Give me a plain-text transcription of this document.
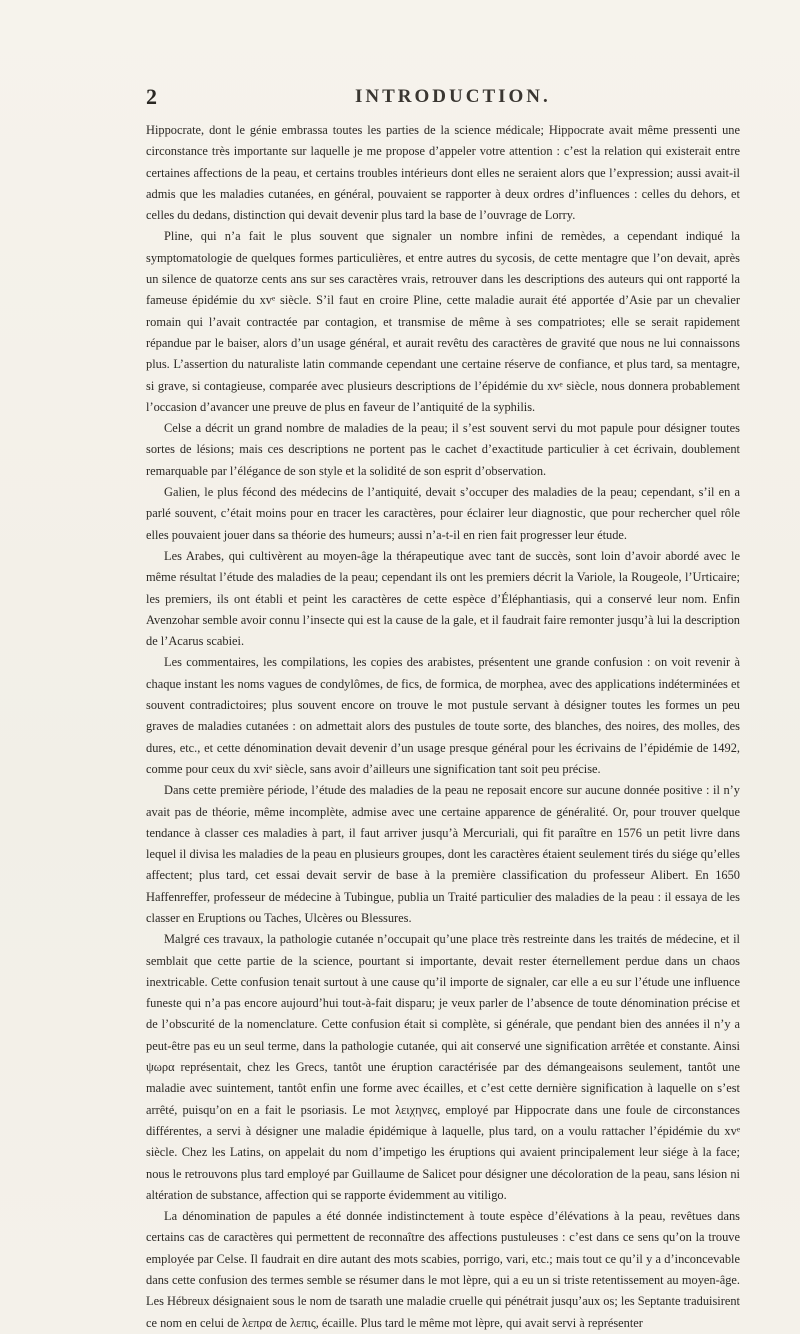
2	INTRODUCTION.

Hippocrate, dont le génie embrassa toutes les parties de la science médicale; Hippocrate avait même pressenti une circonstance très importante sur laquelle je me propose d’appeler votre attention : c’est la relation qui existerait entre certaines affections de la peau, et certains troubles intérieurs dont elles ne seraient alors que l’expression; aussi avait-il admis que les maladies cutanées, en général, pouvaient se rapporter à deux ordres d’influences : celles du dehors, et celles du dedans, distinction qui devait devenir plus tard la base de l’ouvrage de Lorry.

Pline, qui n’a fait le plus souvent que signaler un nombre infini de remèdes, a cependant indiqué la symptomatologie de quelques formes particulières, et entre autres du sycosis, de cette mentagre que l’on devait, après un silence de quatorze cents ans sur ses caractères vrais, retrouver dans les descriptions des auteurs qui ont rapporté la fameuse épidémie du xvᵉ siècle. S’il faut en croire Pline, cette maladie aurait été apportée d’Asie par un chevalier romain qui l’avait contractée par contagion, et transmise de même à ses compatriotes; elle se serait rapidement répandue par le baiser, alors d’un usage général, et aurait revêtu des caractères de gravité que nous ne lui connaissons plus. L’assertion du naturaliste latin commande cependant une certaine réserve de confiance, et plus tard, sa mentagre, si grave, si contagieuse, comparée avec plusieurs descriptions de l’épidémie du xvᵉ siècle, nous donnera probablement l’occasion d’avancer une preuve de plus en faveur de l’antiquité de la syphilis.

Celse a décrit un grand nombre de maladies de la peau; il s’est souvent servi du mot papule pour désigner toutes sortes de lésions; mais ces descriptions ne portent pas le cachet d’exactitude particulier à cet écrivain, doublement remarquable par l’élégance de son style et la solidité de son esprit d’observation.

Galien, le plus fécond des médecins de l’antiquité, devait s’occuper des maladies de la peau; cependant, s’il en a parlé souvent, c’était moins pour en tracer les caractères, pour éclairer leur diagnostic, que pour rechercher quel rôle elles pouvaient jouer dans sa théorie des humeurs; aussi n’a-t-il en rien fait progresser leur étude.

Les Arabes, qui cultivèrent au moyen-âge la thérapeutique avec tant de succès, sont loin d’avoir abordé avec le même résultat l’étude des maladies de la peau; cependant ils ont les premiers décrit la Variole, la Rougeole, l’Urticaire; les premiers, ils ont établi et peint les caractères de cette espèce d’Éléphantiasis, qui a conservé leur nom. Enfin Avenzohar semble avoir connu l’insecte qui est la cause de la gale, et il faudrait faire remonter jusqu’à lui la description de l’Acarus scabiei.

Les commentaires, les compilations, les copies des arabistes, présentent une grande confusion : on voit revenir à chaque instant les noms vagues de condylômes, de fics, de formica, de morphea, avec des applications indéterminées et souvent contradictoires; plus souvent encore on trouve le mot pustule servant à désigner toutes les formes un peu graves de maladies cutanées : on admettait alors des pustules de toute sorte, des blanches, des noires, des molles, des dures, etc., et cette dénomination devait devenir d’un usage presque général pour les écrivains de l’épidémie de 1492, comme pour ceux du xviᵉ siècle, sans avoir d’ailleurs une signification tant soit peu précise.

Dans cette première période, l’étude des maladies de la peau ne reposait encore sur aucune donnée positive : il n’y avait pas de théorie, même incomplète, admise avec une certaine apparence de généralité. Or, pour trouver quelque tendance à classer ces maladies à part, il faut arriver jusqu’à Mercuriali, qui fit paraître en 1576 un petit livre dans lequel il divisa les maladies de la peau en plusieurs groupes, dont les caractères étaient seulement tirés du siége qu’elles affectent; plus tard, cet essai devait servir de base à la première classification du professeur Alibert. En 1650 Haffenreffer, professeur de médecine à Tubingue, publia un Traité particulier des maladies de la peau : il essaya de les classer en Eruptions ou Taches, Ulcères ou Blessures.

Malgré ces travaux, la pathologie cutanée n’occupait qu’une place très restreinte dans les traités de médecine, et il semblait que cette partie de la science, pourtant si importante, devait rester éternellement perdue dans un chaos inextricable. Cette confusion tenait surtout à une cause qu’il importe de signaler, car elle a eu sur l’étude une influence funeste qui n’a pas encore aujourd’hui tout-à-fait disparu; je veux parler de l’absence de toute dénomination précise et de l’obscurité de la nomenclature. Cette confusion était si complète, si générale, que pendant bien des années il n’y a peut-être pas eu un seul terme, dans la pathologie cutanée, qui ait conservé une signification arrêtée et constante. Ainsi ψωρα représentait, chez les Grecs, tantôt une éruption caractérisée par des démangeaisons seulement, tantôt une maladie avec suintement, tantôt enfin une forme avec écailles, et c’est cette dernière signification à laquelle on s’est arrêté, puisqu’on en a fait le psoriasis. Le mot λειχηνες, employé par Hippocrate dans une foule de circonstances différentes, a servi à désigner une maladie épidémique à laquelle, plus tard, on a voulu rattacher l’épidémie du xvᵉ siècle. Chez les Latins, on appelait du nom d’impetigo les éruptions qui avaient principalement leur siége à la face; nous le retrouvons plus tard employé par Guillaume de Salicet pour désigner une décoloration de la peau, sans lésion ni altération de substance, affection qui se rapporte évidemment au vitiligo.

La dénomination de papules a été donnée indistinctement à toute espèce d’élévations à la peau, revêtues dans certains cas de caractères qui permettent de reconnaître des affections pustuleuses : c’est dans ce sens qu’on la trouve employée par Celse. Il faudrait en dire autant des mots scabies, porrigo, vari, etc.; mais tout ce qu’il y a d’inconcevable dans cette confusion des termes semble se résumer dans le mot lèpre, qui a eu un si triste retentissement au moyen-âge. Les Hébreux désignaient sous le nom de tsarath une maladie cruelle qui pénétrait jusqu’aux os; les Septante traduisirent ce nom en celui de λεπρα de λεπις, écaille. Plus tard le même mot lèpre, qui avait servi à représenter
